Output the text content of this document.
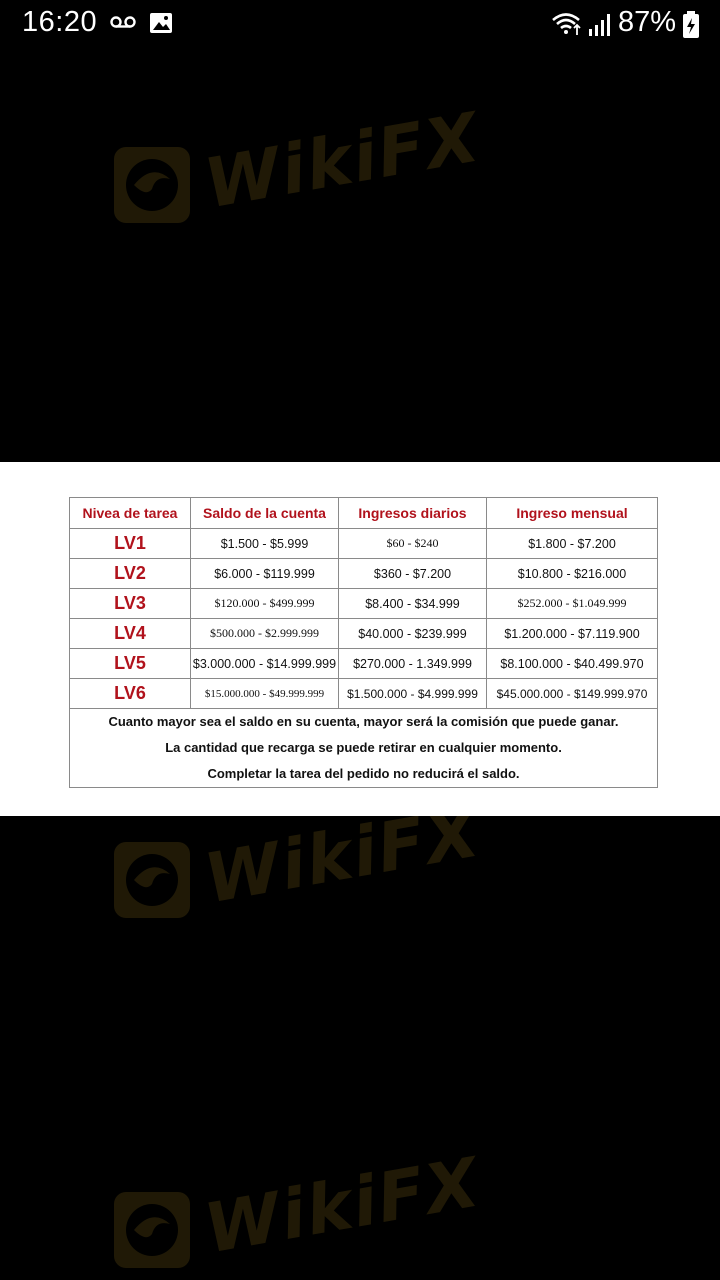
16:20	87%
WikiFX
WikiFX
WikiFX
Nivea de tarea	Saldo de la cuenta	Ingresos diarios	Ingreso mensual
LV1	$1.500 - $5.999	$60 - $240	$1.800 - $7.200
LV2	$6.000 - $119.999	$360 - $7.200	$10.800 - $216.000
LV3	$120.000 - $499.999	$8.400 - $34.999	$252.000 - $1.049.999
LV4	$500.000 - $2.999.999	$40.000 - $239.999	$1.200.000 - $7.119.900
LV5	$3.000.000 - $14.999.999	$270.000 - 1.349.999	$8.100.000 - $40.499.970
LV6	$15.000.000 - $49.999.999	$1.500.000 - $4.999.999	$45.000.000 - $149.999.970

Cuanto mayor sea el saldo en su cuenta, mayor será la comisión que puede ganar.
La cantidad que recarga se puede retirar en cualquier momento.
Completar la tarea del pedido no reducirá el saldo.			
